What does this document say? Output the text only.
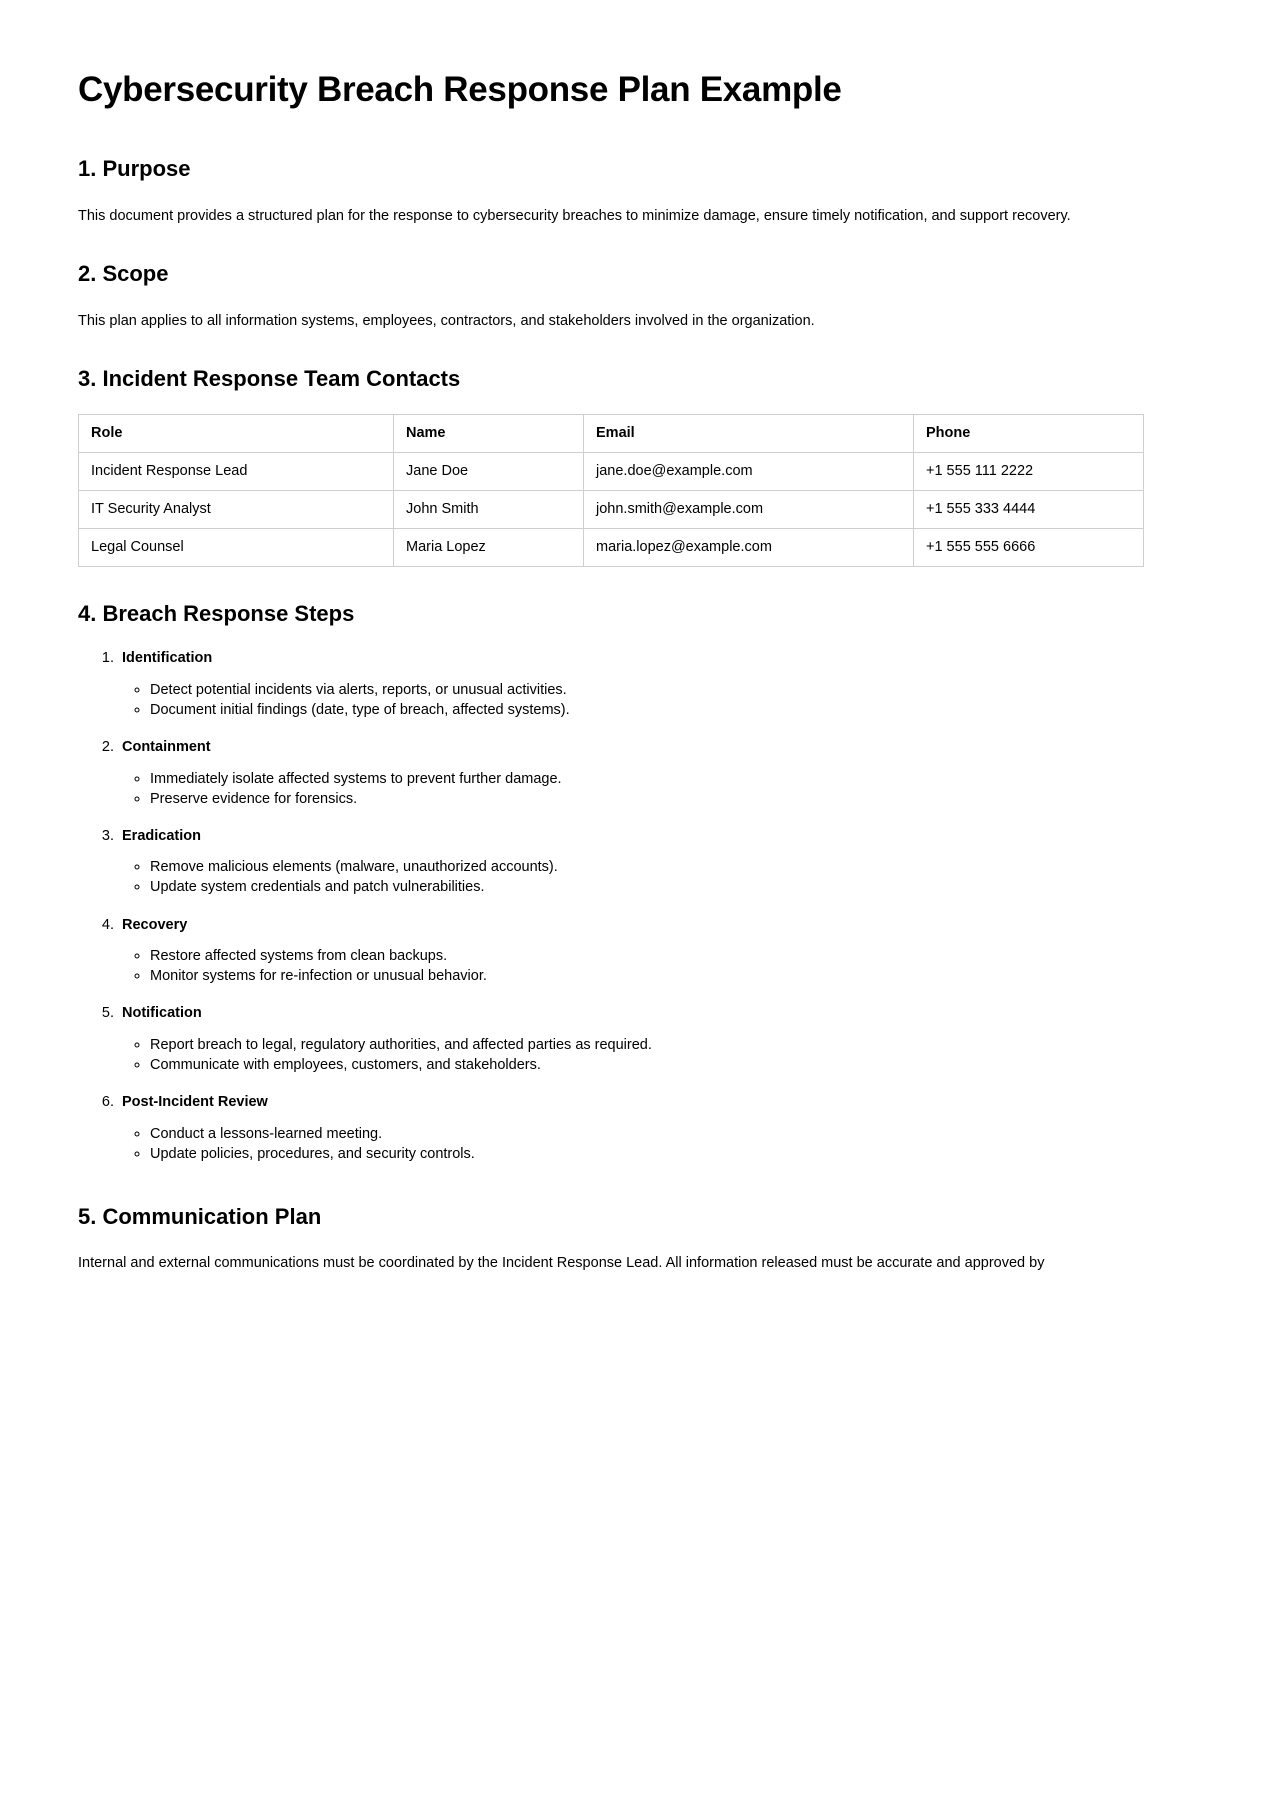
Cybersecurity Breach Response Plan Example
1. Purpose

This document provides a structured plan for the response to cybersecurity breaches to minimize damage, ensure timely notification, and support recovery.

2. Scope

This plan applies to all information systems, employees, contractors, and stakeholders involved in the organization.

3. Incident Response Team Contacts
Role	Name	Email	Phone
Incident Response Lead	Jane Doe	jane.doe@example.com	+1 555 111 2222
IT Security Analyst	John Smith	john.smith@example.com	+1 555 333 4444
Legal Counsel	Maria Lopez	maria.lopez@example.com	+1 555 555 6666
4. Breach Response Steps
1. Identification
◦ Detect potential incidents via alerts, reports, or unusual activities.
◦ Document initial findings (date, type of breach, affected systems).
2. Containment
◦ Immediately isolate affected systems to prevent further damage.
◦ Preserve evidence for forensics.
3. Eradication
◦ Remove malicious elements (malware, unauthorized accounts).
◦ Update system credentials and patch vulnerabilities.
4. Recovery
◦ Restore affected systems from clean backups.
◦ Monitor systems for re-infection or unusual behavior.
5. Notification
◦ Report breach to legal, regulatory authorities, and affected parties as required.
◦ Communicate with employees, customers, and stakeholders.
6. Post-Incident Review
◦ Conduct a lessons-learned meeting.
◦ Update policies, procedures, and security controls.
5. Communication Plan

Internal and external communications must be coordinated by the Incident Response Lead. All information released must be accurate and approved by
